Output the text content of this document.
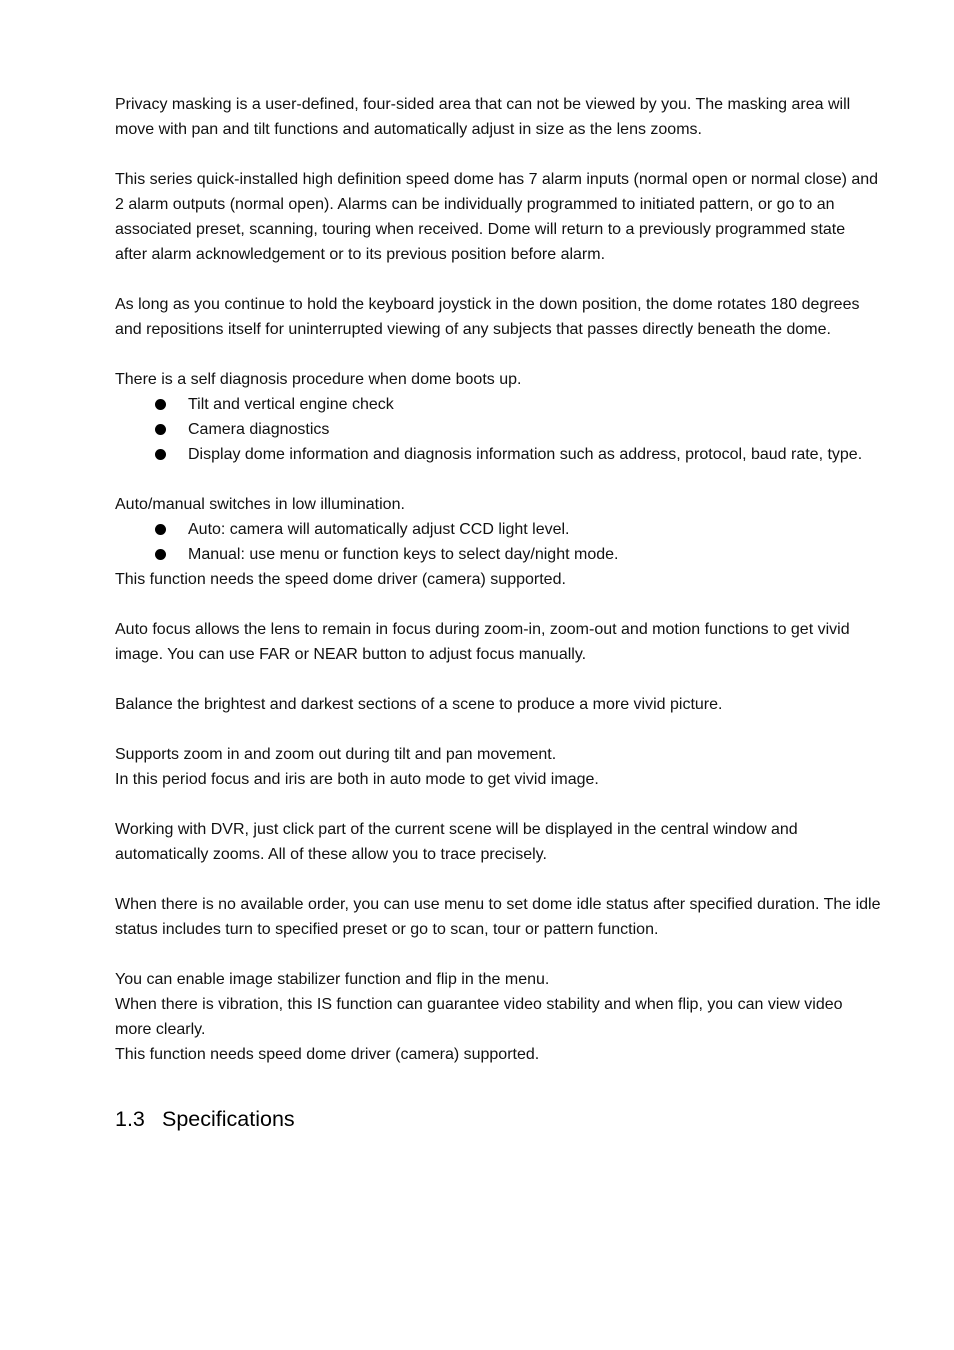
Privacy masking is a user-defined, four-sided area that can not be viewed by you. The masking area will
move with pan and tilt functions and automatically adjust in size as the lens zooms.

This series quick-installed high definition speed dome has 7 alarm inputs (normal open or normal close) and
2 alarm outputs (normal open). Alarms can be individually programmed to initiated pattern, or go to an
associated preset, scanning, touring when received. Dome will return to a previously programmed state
after alarm acknowledgement or to its previous position before alarm.

As long as you continue to hold the keyboard joystick in the down position, the dome rotates 180 degrees
and repositions itself for uninterrupted viewing of any subjects that passes directly beneath the dome.

There is a self diagnosis procedure when dome boots up.
Tilt and vertical engine check
Camera diagnostics
Display dome information and diagnosis information such as address, protocol, baud rate, type.
Auto/manual switches in low illumination.
Auto: camera will automatically adjust CCD light level.
Manual: use menu or function keys to select day/night mode.
This function needs the speed dome driver (camera) supported.

Auto focus allows the lens to remain in focus during zoom-in, zoom-out and motion functions to get vivid
image. You can use FAR or NEAR button to adjust focus manually.

Balance the brightest and darkest sections of a scene to produce a more vivid picture.

Supports zoom in and zoom out during tilt and pan movement.
In this period focus and iris are both in auto mode to get vivid image.

Working with DVR, just click part of the current scene will be displayed in the central window and
automatically zooms. All of these allow you to trace precisely.

When there is no available order, you can use menu to set dome idle status after specified duration. The idle
status includes turn to specified preset or go to scan, tour or pattern function.

You can enable image stabilizer function and flip in the menu.
When there is vibration, this IS function can guarantee video stability and when flip, you can view video
more clearly.
This function needs speed dome driver (camera) supported.

1.3 Specifications
